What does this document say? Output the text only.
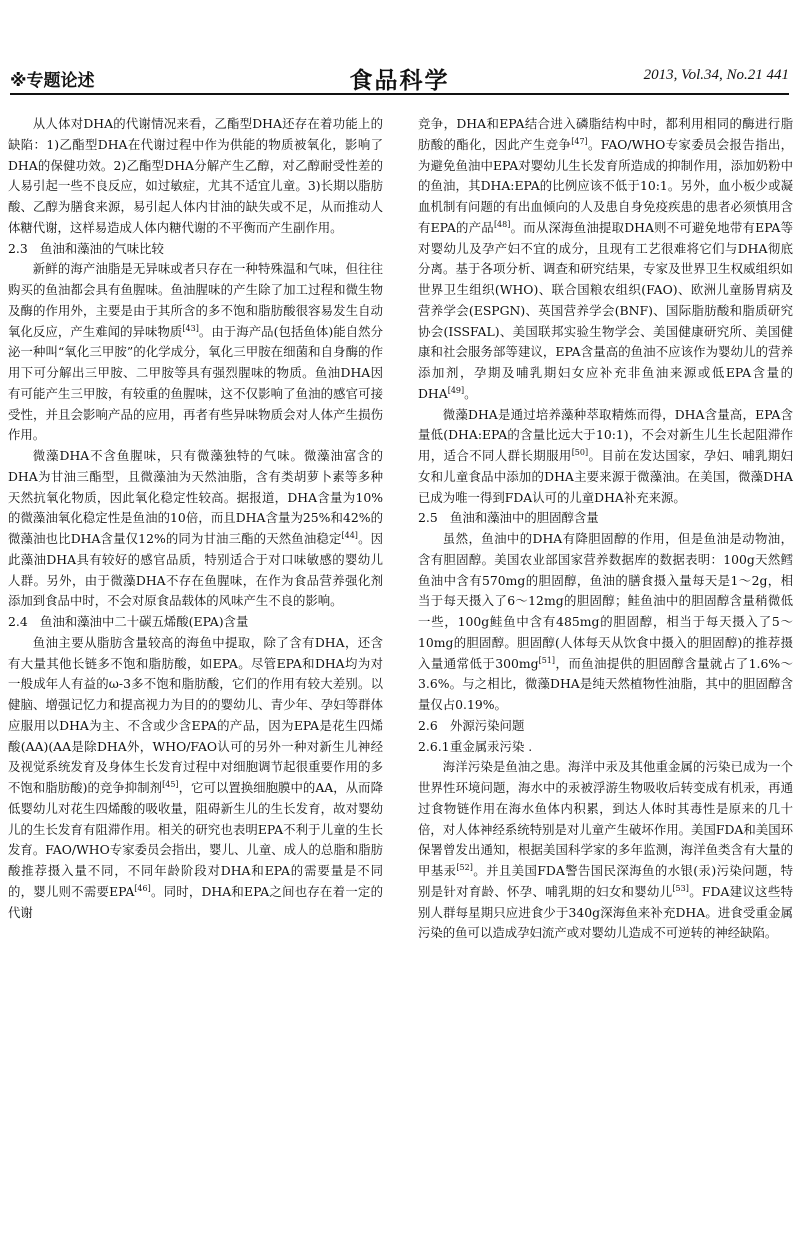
※专题论述	食品科学	2013, Vol.34, No.21 441

从人体对DHA的代谢情况来看，乙酯型DHA还存在着功能上的缺陷：1)乙酯型DHA在代谢过程中作为供能的物质被氧化，影响了DHA的保健功效。2)乙酯型DHA分解产生乙醇，对乙醇耐受性差的人易引起一些不良反应，如过敏症，尤其不适宜儿童。3)长期以脂肪酸、乙醇为膳食来源，易引起人体内甘油的缺失或不足，从而推动人体糖代谢，这样易造成人体内糖代谢的不平衡而产生副作用。

2.3 鱼油和藻油的气味比较

新鲜的海产油脂是无异味或者只存在一种特殊温和气味，但往往购买的鱼油都会具有鱼腥味。鱼油腥味的产生除了加工过程和微生物及酶的作用外，主要是由于其所含的多不饱和脂肪酸很容易发生自动氧化反应，产生难闻的异味物质[43]。由于海产品(包括鱼体)能自然分泌一种叫“氧化三甲胺”的化学成分，氧化三甲胺在细菌和自身酶的作用下可分解出三甲胺、二甲胺等具有强烈腥味的物质。鱼油DHA因有可能产生三甲胺，有较重的鱼腥味，这不仅影响了鱼油的感官可接受性，并且会影响产品的应用，再者有些异味物质会对人体产生损伤作用。

微藻DHA不含鱼腥味，只有微藻独特的气味。微藻油富含的DHA为甘油三酯型，且微藻油为天然油脂，含有类胡萝卜素等多种天然抗氧化物质，因此氧化稳定性较高。据报道，DHA含量为10%的微藻油氧化稳定性是鱼油的10倍，而且DHA含量为25%和42%的微藻油也比DHA含量仅12%的同为甘油三酯的天然鱼油稳定[44]。因此藻油DHA具有较好的感官品质，特别适合于对口味敏感的婴幼儿人群。另外，由于微藻DHA不存在鱼腥味，在作为食品营养强化剂添加到食品中时，不会对原食品载体的风味产生不良的影响。

2.4 鱼油和藻油中二十碳五烯酸(EPA)含量

鱼油主要从脂肪含量较高的海鱼中提取，除了含有DHA，还含有大量其他长链多不饱和脂肪酸，如EPA。尽管EPA和DHA均为对一般成年人有益的ω-3多不饱和脂肪酸，它们的作用有较大差别。以健脑、增强记忆力和提高视力为目的的婴幼儿、青少年、孕妇等群体应服用以DHA为主、不含或少含EPA的产品，因为EPA是花生四烯酸(AA)(AA是除DHA外，WHO/FAO认可的另外一种对新生儿神经及视觉系统发育及身体生长发育过程中对细胞调节起很重要作用的多不饱和脂肪酸)的竞争抑制剂[45]，它可以置换细胞膜中的AA，从而降低婴幼儿对花生四烯酸的吸收量，阻碍新生儿的生长发育，故对婴幼儿的生长发育有阻滞作用。相关的研究也表明EPA不利于儿童的生长发育。FAO/WHO专家委员会指出，婴儿、儿童、成人的总脂和脂肪酸推荐摄入量不同，不同年龄阶段对DHA和EPA的需要量是不同的，婴儿则不需要EPA[46]。同时，DHA和EPA之间也存在着一定的代谢

竞争，DHA和EPA结合进入磷脂结构中时，都利用相同的酶进行脂肪酸的酯化，因此产生竞争[47]。FAO/WHO专家委员会报告指出，为避免鱼油中EPA对婴幼儿生长发育所造成的抑制作用，添加奶粉中的鱼油，其DHA:EPA的比例应该不低于10:1。另外，血小板少或凝血机制有问题的有出血倾向的人及患自身免疫疾患的患者必须慎用含有EPA的产品[48]。而从深海鱼油提取DHA则不可避免地带有EPA等对婴幼儿及孕产妇不宜的成分，且现有工艺很难将它们与DHA彻底分离。基于各项分析、调查和研究结果，专家及世界卫生权威组织如世界卫生组织(WHO)、联合国粮农组织(FAO)、欧洲儿童肠胃病及营养学会(ESPGN)、英国营养学会(BNF)、国际脂肪酸和脂质研究协会(ISSFAL)、美国联邦实验生物学会、美国健康研究所、美国健康和社会服务部等建议，EPA含量高的鱼油不应该作为婴幼儿的营养添加剂，孕期及哺乳期妇女应补充非鱼油来源或低EPA含量的DHA[49]。

微藻DHA是通过培养藻种萃取精炼而得，DHA含量高，EPA含量低(DHA:EPA的含量比远大于10:1)，不会对新生儿生长起阻滞作用，适合不同人群长期服用[50]。目前在发达国家，孕妇、哺乳期妇女和儿童食品中添加的DHA主要来源于微藻油。在美国，微藻DHA已成为唯一得到FDA认可的儿童DHA补充来源。

2.5 鱼油和藻油中的胆固醇含量

虽然，鱼油中的DHA有降胆固醇的作用，但是鱼油是动物油，含有胆固醇。美国农业部国家营养数据库的数据表明：100g天然鳕鱼油中含有570mg的胆固醇，鱼油的膳食摄入量每天是1～2g，相当于每天摄入了6～12mg的胆固醇；鲑鱼油中的胆固醇含量稍微低一些，100g鲑鱼中含有485mg的胆固醇，相当于每天摄入了5～10mg的胆固醇。胆固醇(人体每天从饮食中摄入的胆固醇)的推荐摄入量通常低于300mg[51]，而鱼油提供的胆固醇含量就占了1.6%～3.6%。与之相比，微藻DHA是纯天然植物性油脂，其中的胆固醇含量仅占0.19%。

2.6 外源污染问题

2.6.1重金属汞污染 .

海洋污染是鱼油之患。海洋中汞及其他重金属的污染已成为一个世界性环境问题，海水中的汞被浮游生物吸收后转变成有机汞，再通过食物链作用在海水鱼体内积累，到达人体时其毒性是原来的几十倍，对人体神经系统特别是对儿童产生破坏作用。美国FDA和美国环保署曾发出通知，根据美国科学家的多年监测，海洋鱼类含有大量的甲基汞[52]。并且美国FDA警告国民深海鱼的水银(汞)污染问题，特别是针对育龄、怀孕、哺乳期的妇女和婴幼儿[53]。FDA建议这些特别人群每星期只应进食少于340g深海鱼来补充DHA。进食受重金属污染的鱼可以造成孕妇流产或对婴幼儿造成不可逆转的神经缺陷。
